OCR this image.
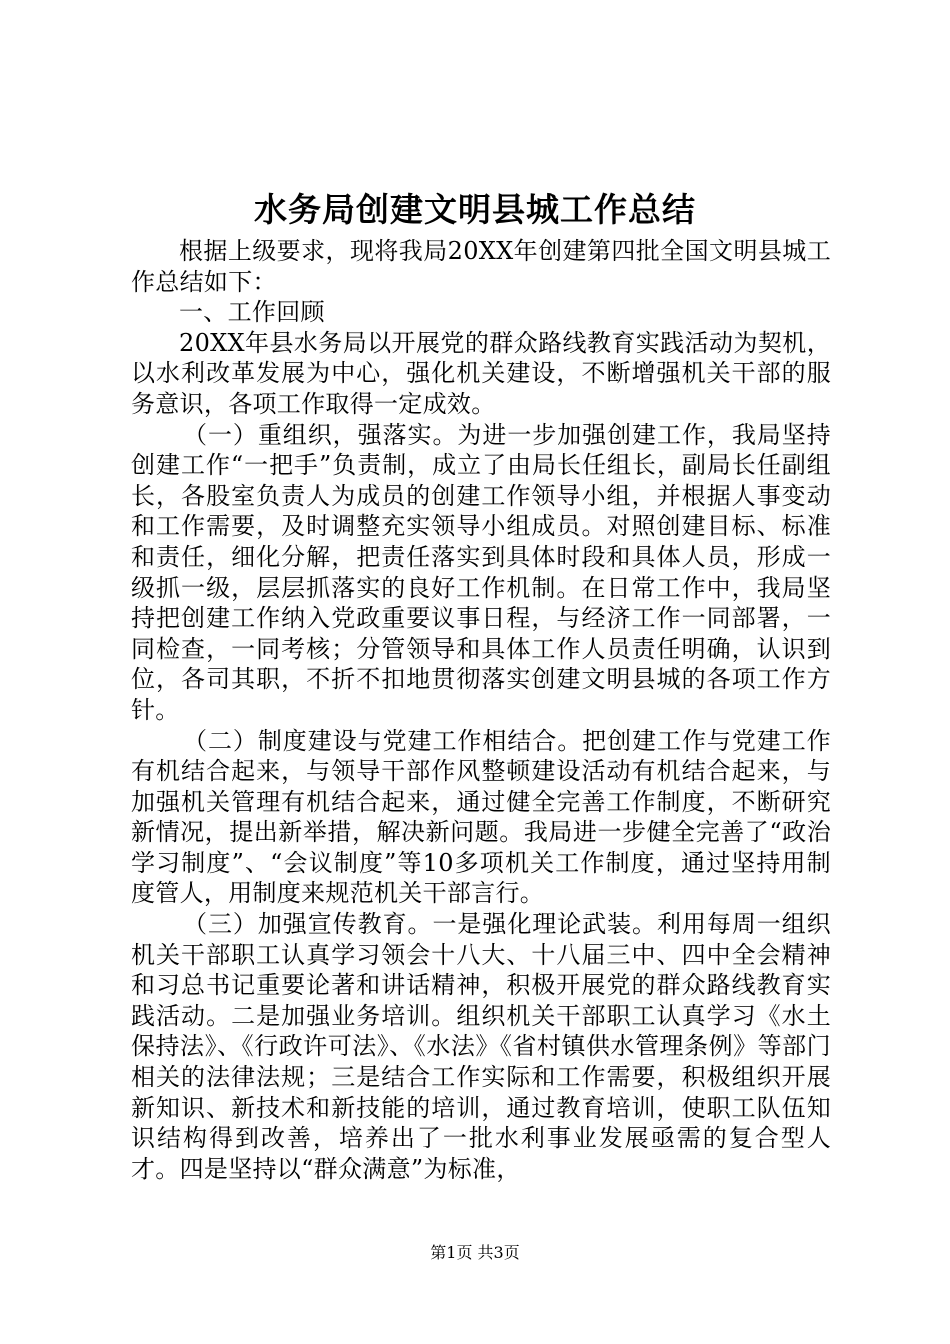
水务局创建文明县城工作总结

根据上级要求，现将我局20XX年创建第四批全国文明县城工作总结如下：

一、工作回顾

20XX年县水务局以开展党的群众路线教育实践活动为契机，以水利改革发展为中心，强化机关建设，不断增强机关干部的服务意识，各项工作取得一定成效。

（一）重组织，强落实。为进一步加强创建工作，我局坚持创建工作“一把手”负责制，成立了由局长任组长，副局长任副组长，各股室负责人为成员的创建工作领导小组，并根据人事变动和工作需要，及时调整充实领导小组成员。对照创建目标、标准和责任，细化分解，把责任落实到具体时段和具体人员，形成一级抓一级，层层抓落实的良好工作机制。在日常工作中，我局坚持把创建工作纳入党政重要议事日程，与经济工作一同部署，一同检查，一同考核；分管领导和具体工作人员责任明确，认识到位，各司其职，不折不扣地贯彻落实创建文明县城的各项工作方针。

（二）制度建设与党建工作相结合。把创建工作与党建工作有机结合起来，与领导干部作风整顿建设活动有机结合起来，与加强机关管理有机结合起来，通过健全完善工作制度，不断研究新情况，提出新举措，解决新问题。我局进一步健全完善了“政治学习制度”、“会议制度”等10多项机关工作制度，通过坚持用制度管人，用制度来规范机关干部言行。

（三）加强宣传教育。一是强化理论武装。利用每周一组织机关干部职工认真学习领会十八大、十八届三中、四中全会精神和习总书记重要论著和讲话精神，积极开展党的群众路线教育实践活动。二是加强业务培训。组织机关干部职工认真学习《水土保持法》、《行政许可法》、《水法》《省村镇供水管理条例》等部门相关的法律法规；三是结合工作实际和工作需要，积极组织开展新知识、新技术和新技能的培训，通过教育培训，使职工队伍知识结构得到改善，培养出了一批水利事业发展亟需的复合型人才。四是坚持以“群众满意”为标准，

第1页 共3页
